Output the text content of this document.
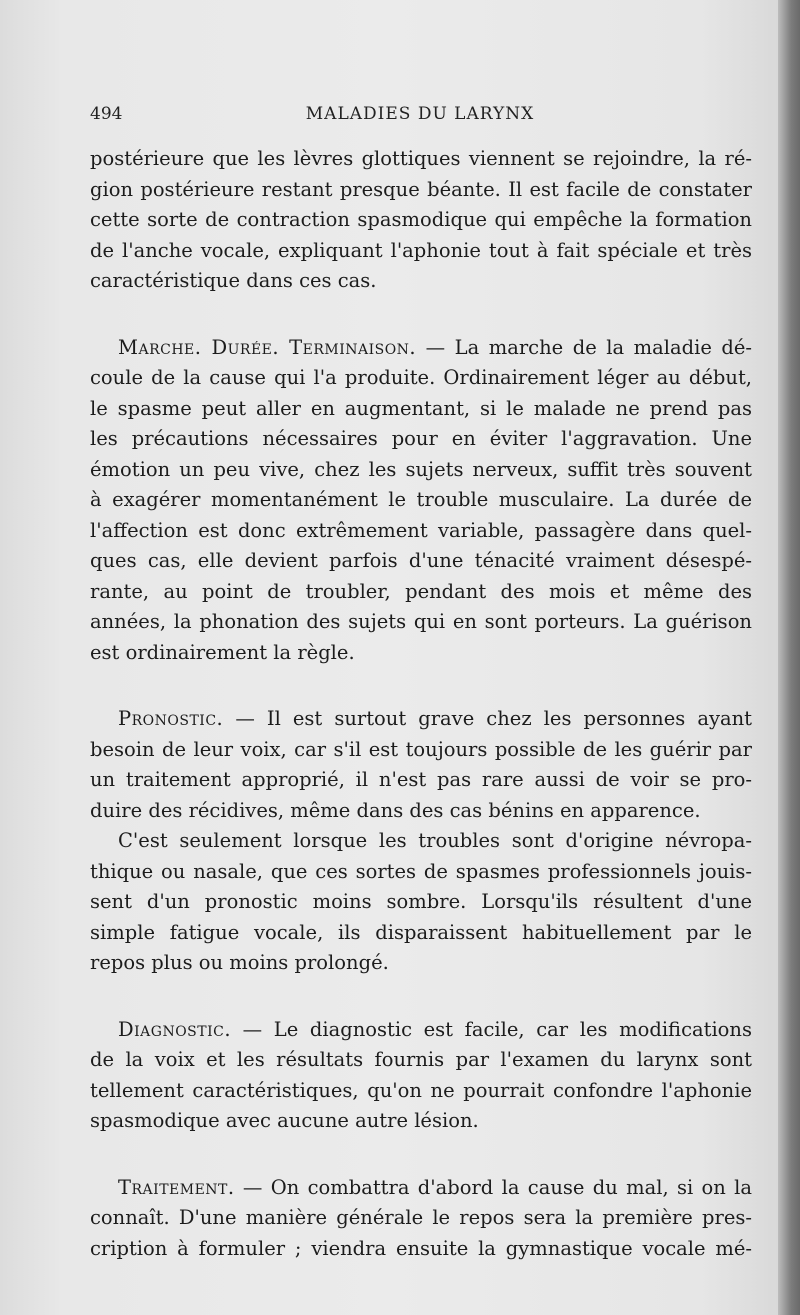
494	MALADIES DU LARYNX
postérieure que les lèvres glottiques viennent se rejoindre, la ré-
gion postérieure restant presque béante. Il est facile de constater
cette sorte de contraction spasmodique qui empêche la formation
de l'anche vocale, expliquant l'aphonie tout à fait spéciale et très
caractéristique dans ces cas.
Marche. Durée. Terminaison. — La marche de la maladie dé-
coule de la cause qui l'a produite. Ordinairement léger au début,
le spasme peut aller en augmentant, si le malade ne prend pas
les précautions nécessaires pour en éviter l'aggravation. Une
émotion un peu vive, chez les sujets nerveux, suffit très souvent
à exagérer momentanément le trouble musculaire. La durée de
l'affection est donc extrêmement variable, passagère dans quel-
ques cas, elle devient parfois d'une ténacité vraiment désespé-
rante, au point de troubler, pendant des mois et même des
années, la phonation des sujets qui en sont porteurs. La guérison
est ordinairement la règle.
Pronostic. — Il est surtout grave chez les personnes ayant
besoin de leur voix, car s'il est toujours possible de les guérir par
un traitement approprié, il n'est pas rare aussi de voir se pro-
duire des récidives, même dans des cas bénins en apparence.
C'est seulement lorsque les troubles sont d'origine névropa-
thique ou nasale, que ces sortes de spasmes professionnels jouis-
sent d'un pronostic moins sombre. Lorsqu'ils résultent d'une
simple fatigue vocale, ils disparaissent habituellement par le
repos plus ou moins prolongé.
Diagnostic. — Le diagnostic est facile, car les modifications
de la voix et les résultats fournis par l'examen du larynx sont
tellement caractéristiques, qu'on ne pourrait confondre l'aphonie
spasmodique avec aucune autre lésion.
Traitement. — On combattra d'abord la cause du mal, si on la
connaît. D'une manière générale le repos sera la première pres-
cription à formuler ; viendra ensuite la gymnastique vocale mé-
